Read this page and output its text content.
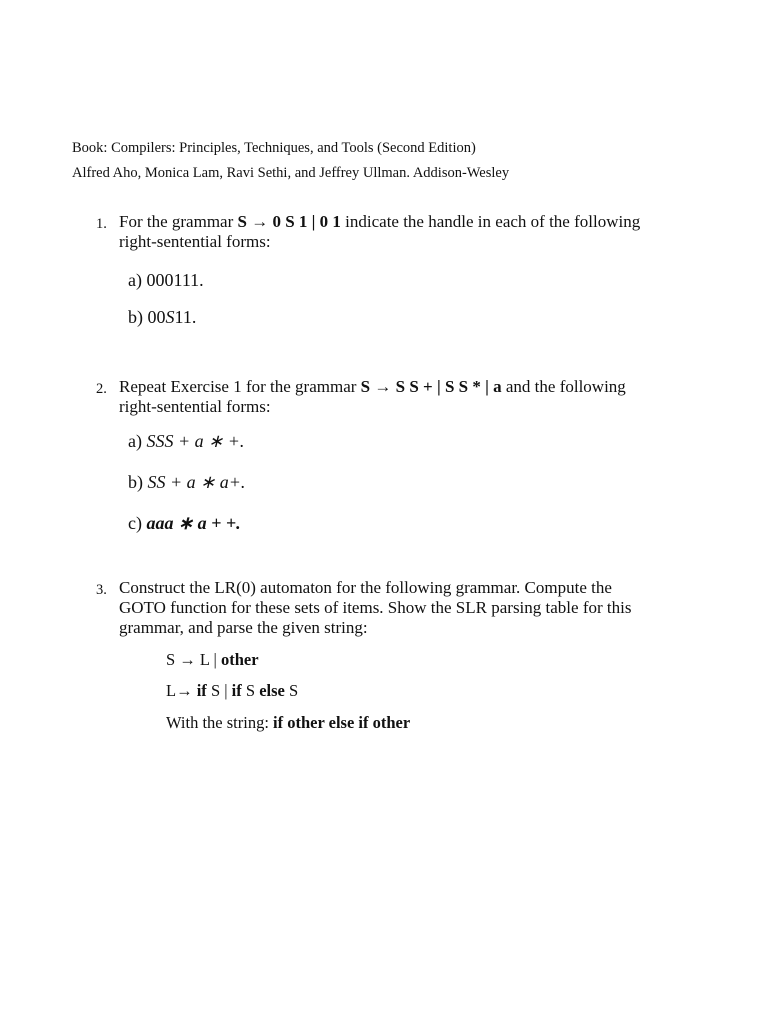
Book: Compilers: Principles, Techniques, and Tools (Second Edition)
Alfred Aho, Monica Lam, Ravi Sethi, and Jeffrey Ullman. Addison-Wesley
1. For the grammar S → 0 S 1 | 0 1 indicate the handle in each of the following
right-sentential forms:
a) 000111.
b) 00S11.
2. Repeat Exercise 1 for the grammar S → S S + | S S * | a and the following
right-sentential forms:
a) SSS + a ∗ +.
b) SS + a ∗ a+.
c) aaa ∗ a + +.
3. Construct the LR(0) automaton for the following grammar. Compute the
GOTO function for these sets of items. Show the SLR parsing table for this
grammar, and parse the given string:
S → L | other
L→ if S | if S else S
With the string: if other else if other
